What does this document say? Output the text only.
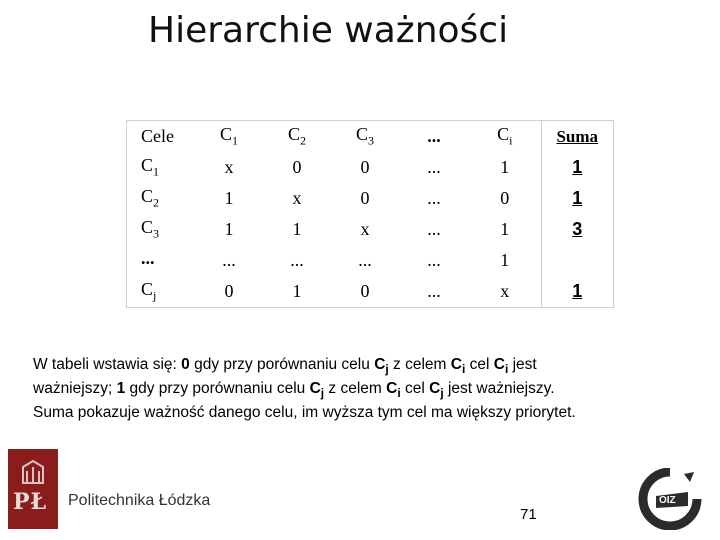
Hierarchie ważności
Cele	$C_1$	$C_2$	$C_3$	...	$C_i$	Suma
$C_1$	x	0	0	...	1	1
$C_2$	1	x	0	...	0	1
$C_3$	1	1	x	...	1	3
...	...	...	...	...	1	
$C_j$	0	1	0	...	x	1
W tabeli wstawia się: 0 gdy przy porównaniu celu $C_j$ z celem $C_i$ cel $C_i$ jest
ważniejszy; 1 gdy przy porównaniu celu $C_j$ z celem $C_i$ cel $C_j$ jest ważniejszy.
Suma pokazuje ważność danego celu, im wyższa tym cel ma większy priorytet.
PŁ Politechnika Łódzka
71
OIZ
